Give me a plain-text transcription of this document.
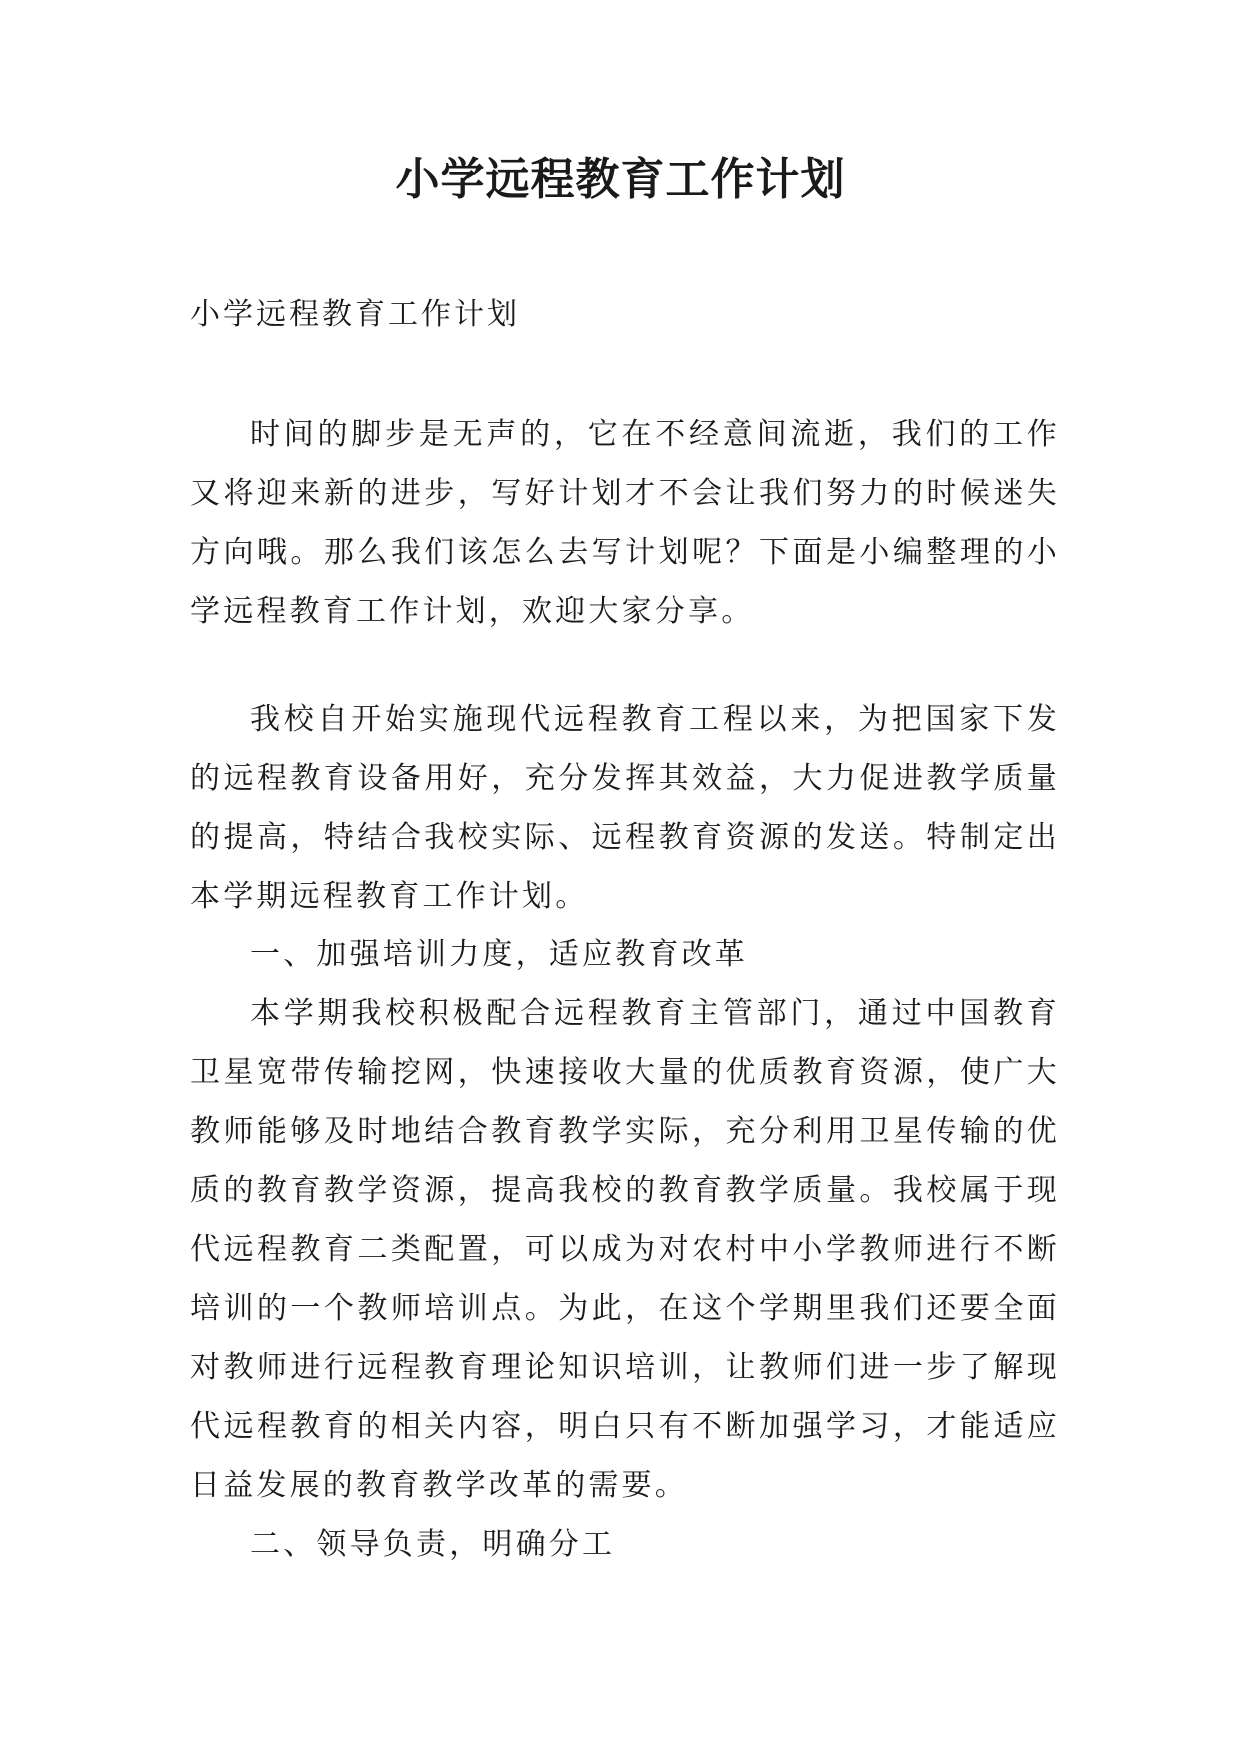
小学远程教育工作计划
小学远程教育工作计划
时间的脚步是无声的，它在不经意间流逝，我们的工作又将迎来新的进步，写好计划才不会让我们努力的时候迷失方向哦。那么我们该怎么去写计划呢？下面是小编整理的小学远程教育工作计划，欢迎大家分享。
我校自开始实施现代远程教育工程以来，为把国家下发的远程教育设备用好，充分发挥其效益，大力促进教学质量的提高，特结合我校实际、远程教育资源的发送。特制定出本学期远程教育工作计划。
一、加强培训力度，适应教育改革
本学期我校积极配合远程教育主管部门，通过中国教育卫星宽带传输挖网，快速接收大量的优质教育资源，使广大教师能够及时地结合教育教学实际，充分利用卫星传输的优质的教育教学资源，提高我校的教育教学质量。我校属于现代远程教育二类配置，可以成为对农村中小学教师进行不断培训的一个教师培训点。为此，在这个学期里我们还要全面对教师进行远程教育理论知识培训，让教师们进一步了解现代远程教育的相关内容，明白只有不断加强学习，才能适应日益发展的教育教学改革的需要。
二、领导负责，明确分工
